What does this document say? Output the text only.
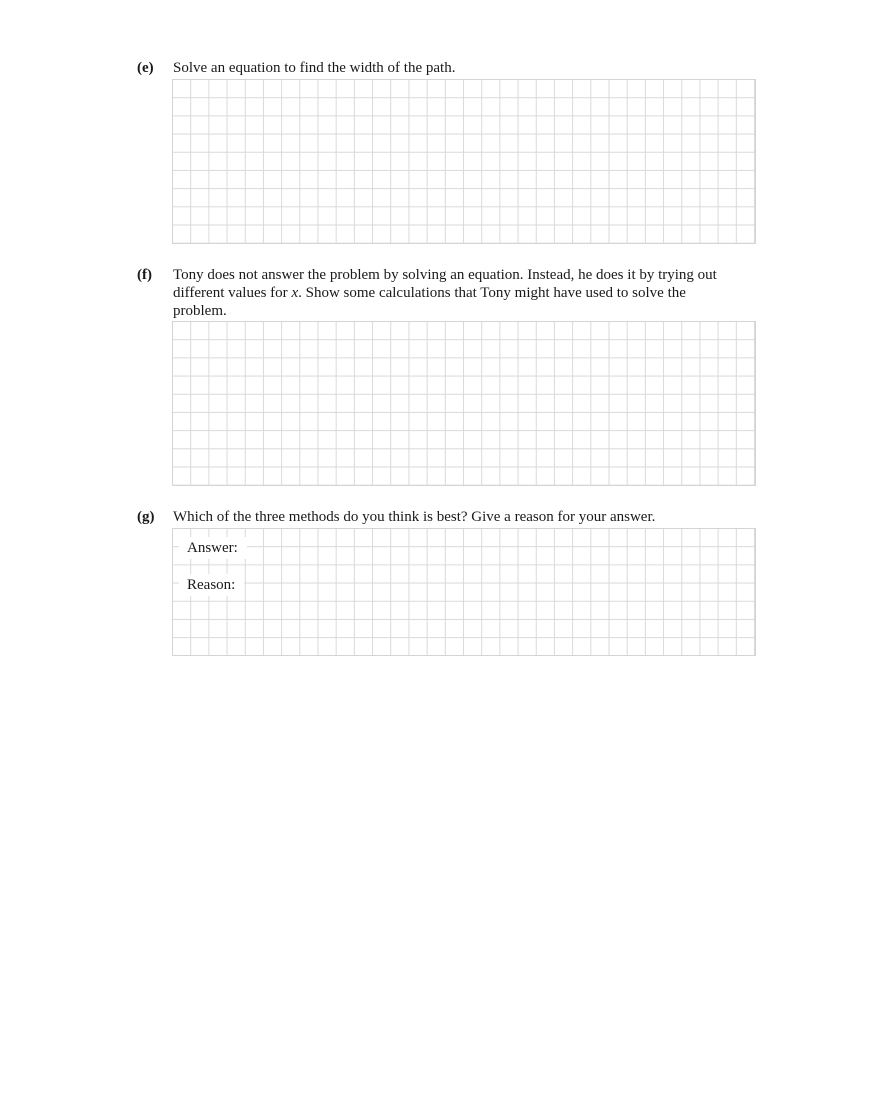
(e) Solve an equation to find the width of the path.
(f) Tony does not answer the problem by solving an equation. Instead, he does it by trying out
different values for x. Show some calculations that Tony might have used to solve the
problem.
(g) Which of the three methods do you think is best? Give a reason for your answer.
Answer:
Reason:
